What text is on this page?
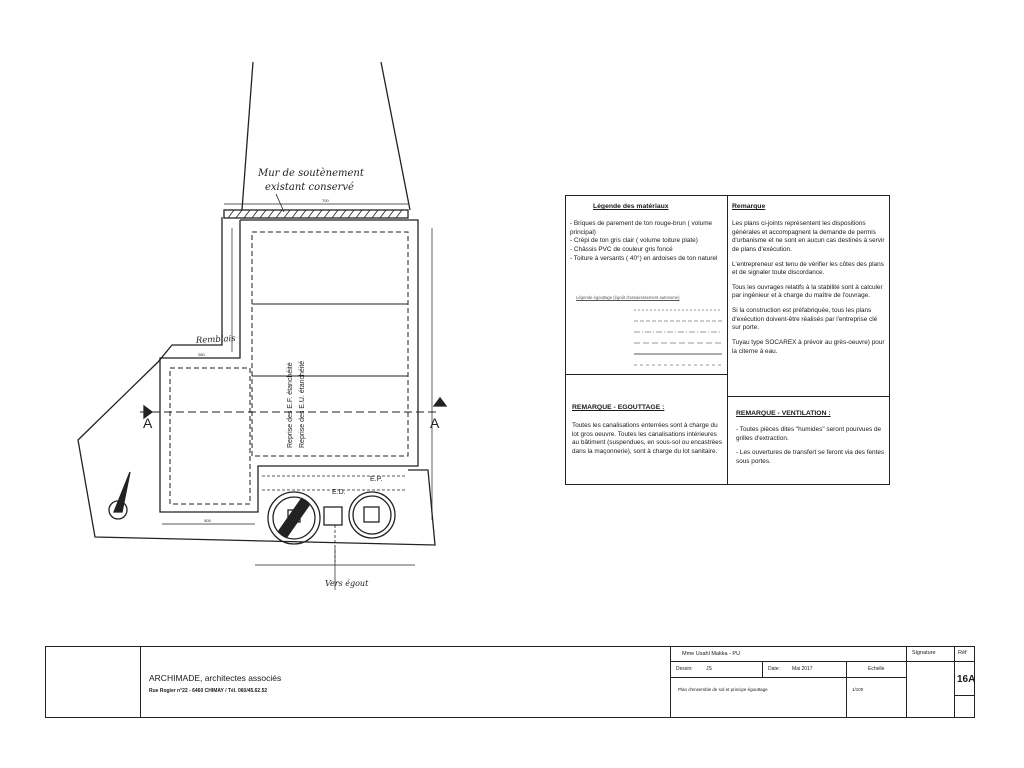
Mur de soutènement
existant conservé
Remblais
Vers égout
Reprise des E.F. étanchéité Reprise des E.U. étanchéité
A	A
E.D.
E.P.
700
505
280
Légende des matériaux
- Briques de parement de ton rouge-brun ( volume principal)
- Crépi de ton gris clair ( volume toiture plate)
- Châssis PVC de couleur gris foncé
- Toiture à versants ( 40°) en ardoises de ton naturel
Légende égouttage (égoût d'assainissement autonome)
REMARQUE - EGOUTTAGE :
Toutes les canalisations enterrées sont à charge du lot gros oeuvre. Toutes les canalisations intérieures au bâtiment (suspendues, en sous-sol ou encastrées dans la maçonnerie), sont à charge du lot sanitaire.
Remarque
Les plans ci-joints représentent les dispositions générales et accompagnent la demande de permis d'urbanisme et ne sont en aucun cas destinés à servir de plans d'exécution.
L'entrepreneur est tenu de vérifier les côtes des plans et de signaler toute discordance.
Tous les ouvrages relatifs à la stabilité sont à calculer par ingénieur et à charge du maître de l'ouvrage.
Si la construction est préfabriquée, tous les plans d'exécution doivent-être réalisés par l'entreprise clé sur porte.
Tuyau type SOCAREX à prévoir au grès-oeuvre) pour la citerne à eau.
REMARQUE - VENTILATION :
- Toutes pièces dites "humides" seront pourvues de grilles d'extraction.
- Les ouvertures de transfert se feront via des fentes sous portes.
ARCHIMADE, architectes associés
Rue Rogier n°22 - 6460 CHIMAY / Tél. 060/45.62.52
Mme Usahl Makka - PU	Signature	Réf
Dessin:	JS	Date: Mai 2017	Echelle
Plan d'ensemble de sol et principe égouttage	1/100
16A
